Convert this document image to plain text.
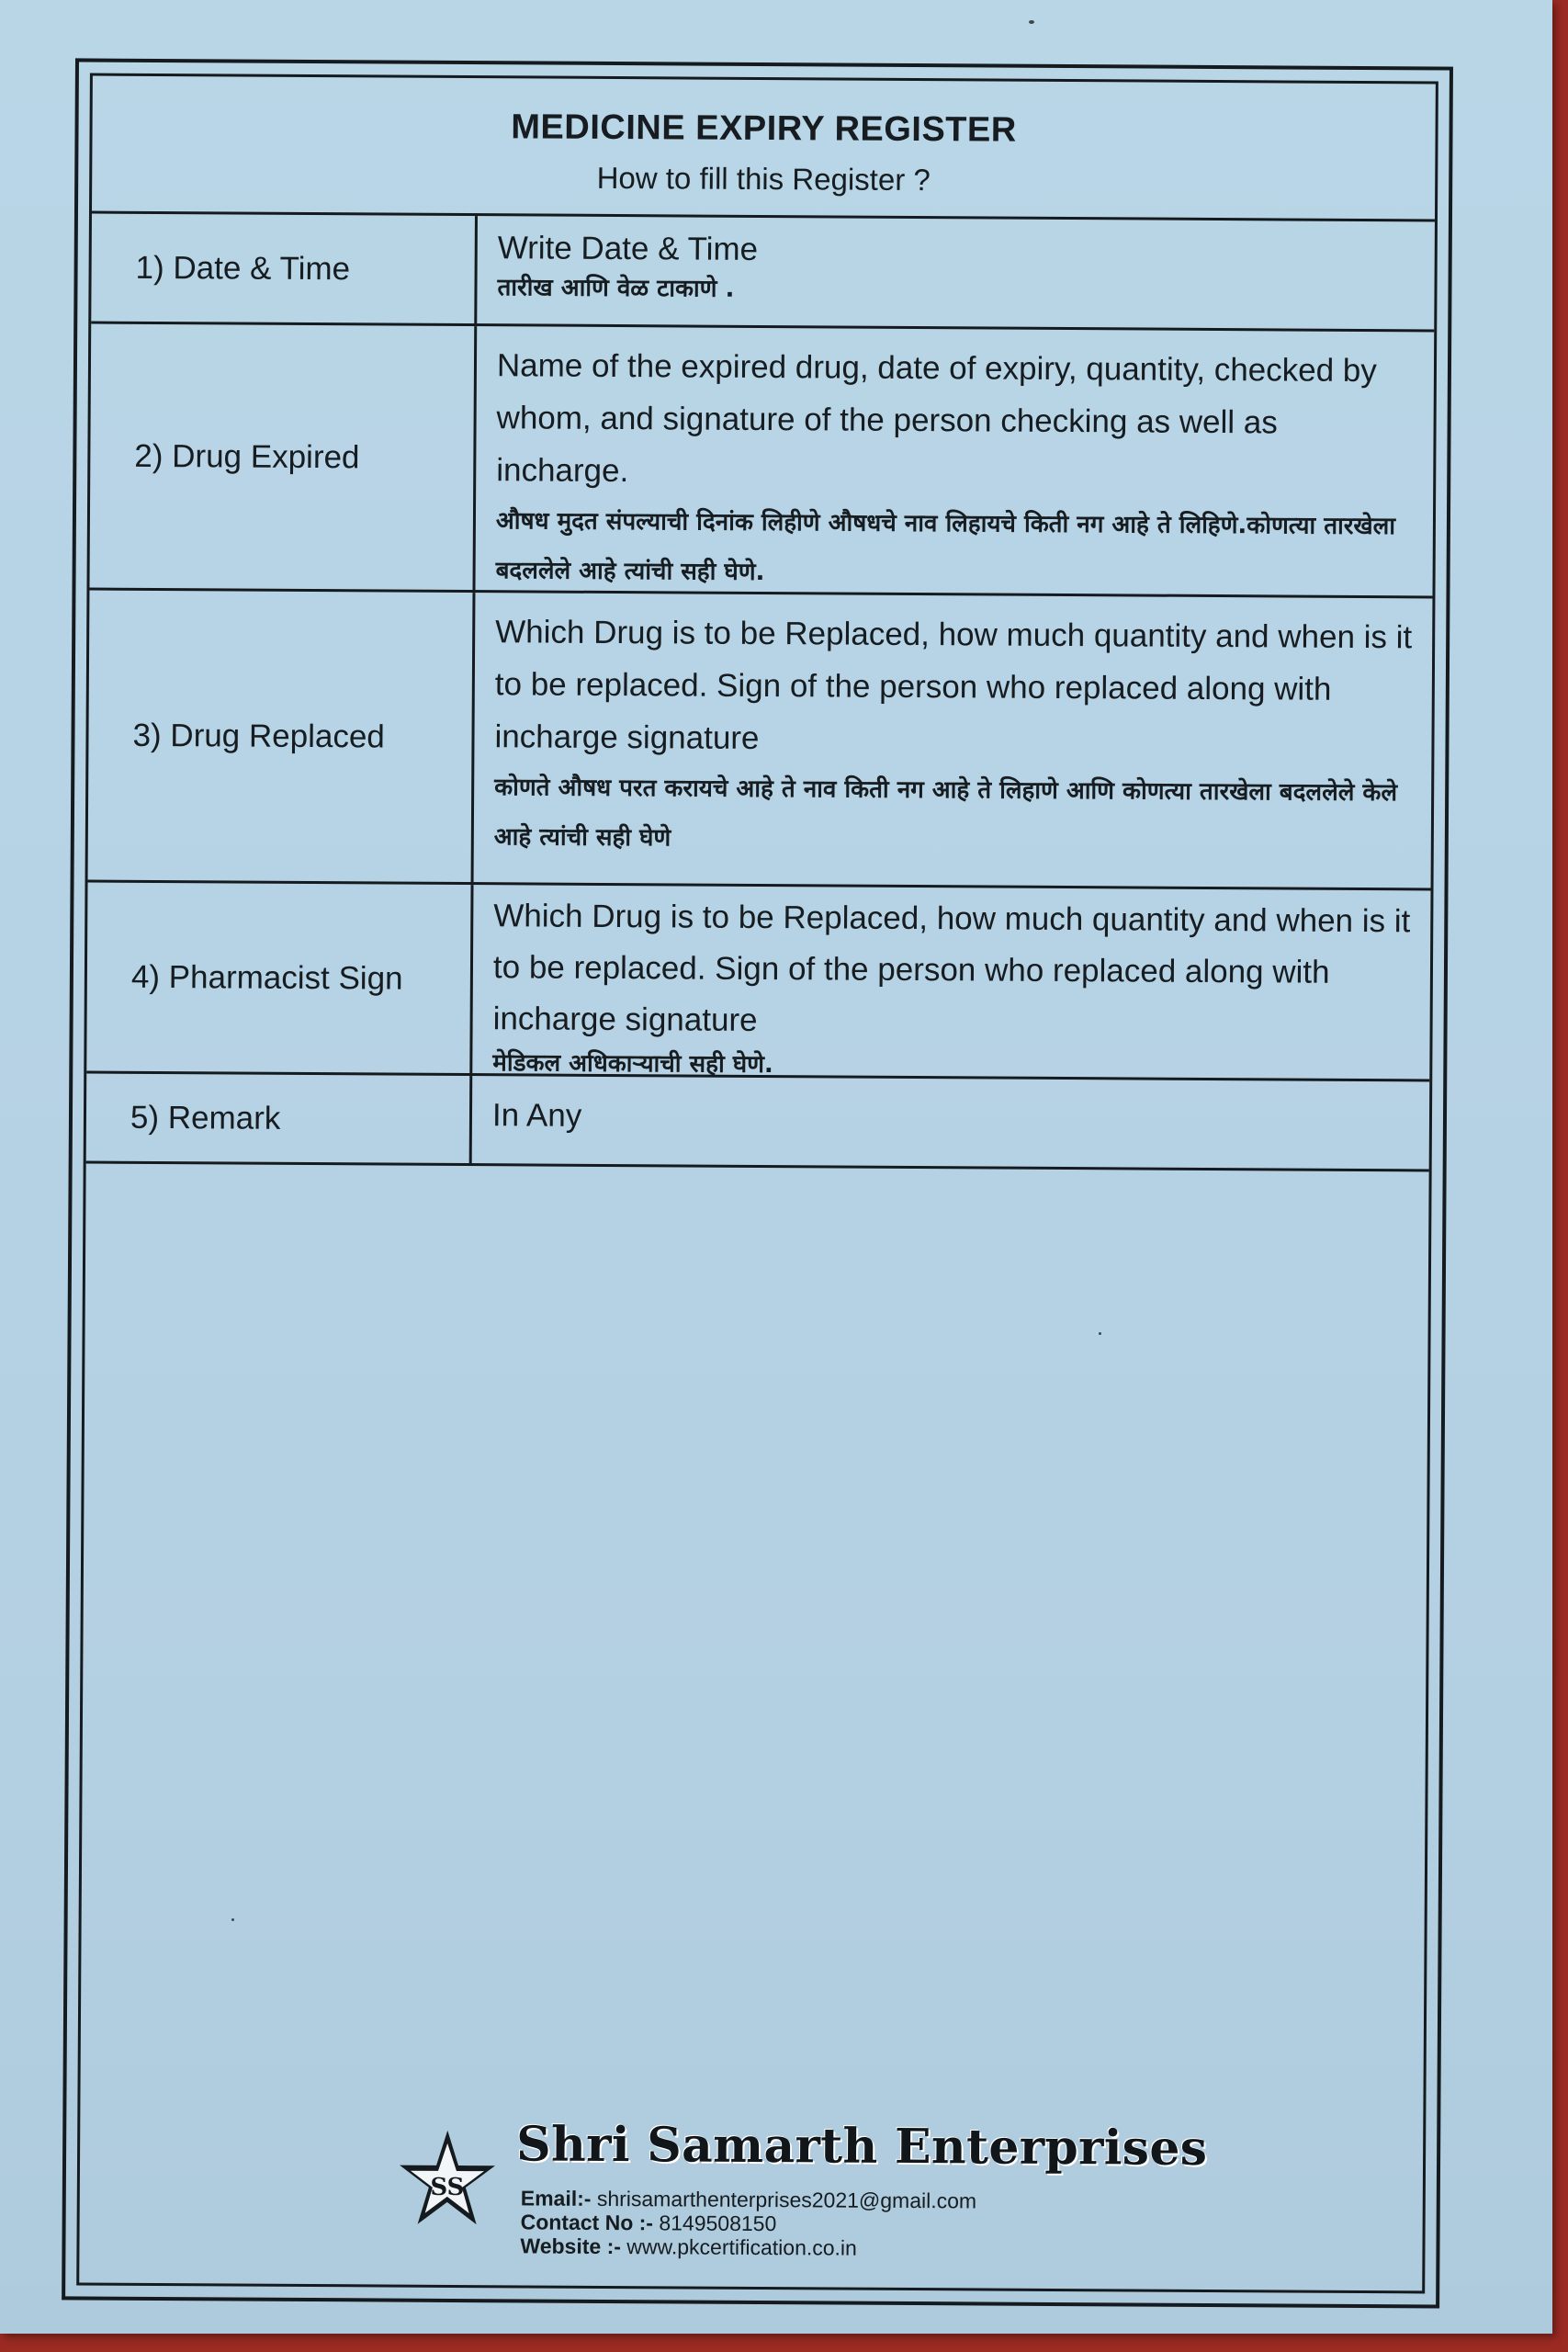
MEDICINE EXPIRY REGISTER
How to fill this Register ?
1) Date & Time
Write Date & Time
तारीख आणि वेळ टाकाणे .
2) Drug Expired
Name of the expired drug, date of expiry, quantity, checked by whom, and signature of the person checking as well as incharge.
औषध मुदत संपल्याची दिनांक लिहीणे औषधचे नाव लिहायचे किती नग आहे ते लिहिणे.कोणत्या तारखेला बदललेले आहे त्यांची सही घेणे.
3) Drug Replaced
Which Drug is to be Replaced, how much quantity and when is it to be replaced. Sign of the person who replaced along with incharge signature
कोणते औषध परत करायचे आहे ते नाव किती नग आहे ते लिहाणे आणि कोणत्या तारखेला बदललेले केले आहे त्यांची सही घेणे
4) Pharmacist Sign
Which Drug is to be Replaced, how much quantity and when is it to be replaced. Sign of the person who replaced along with incharge signature
मेडिकल अधिकाऱ्याची सही घेणे.
5) Remark	In Any
SS
Shri Samarth Enterprises
Email:- shrisamarthenterprises2021@gmail.com
Contact No :- 8149508150
Website :- www.pkcertification.co.in
